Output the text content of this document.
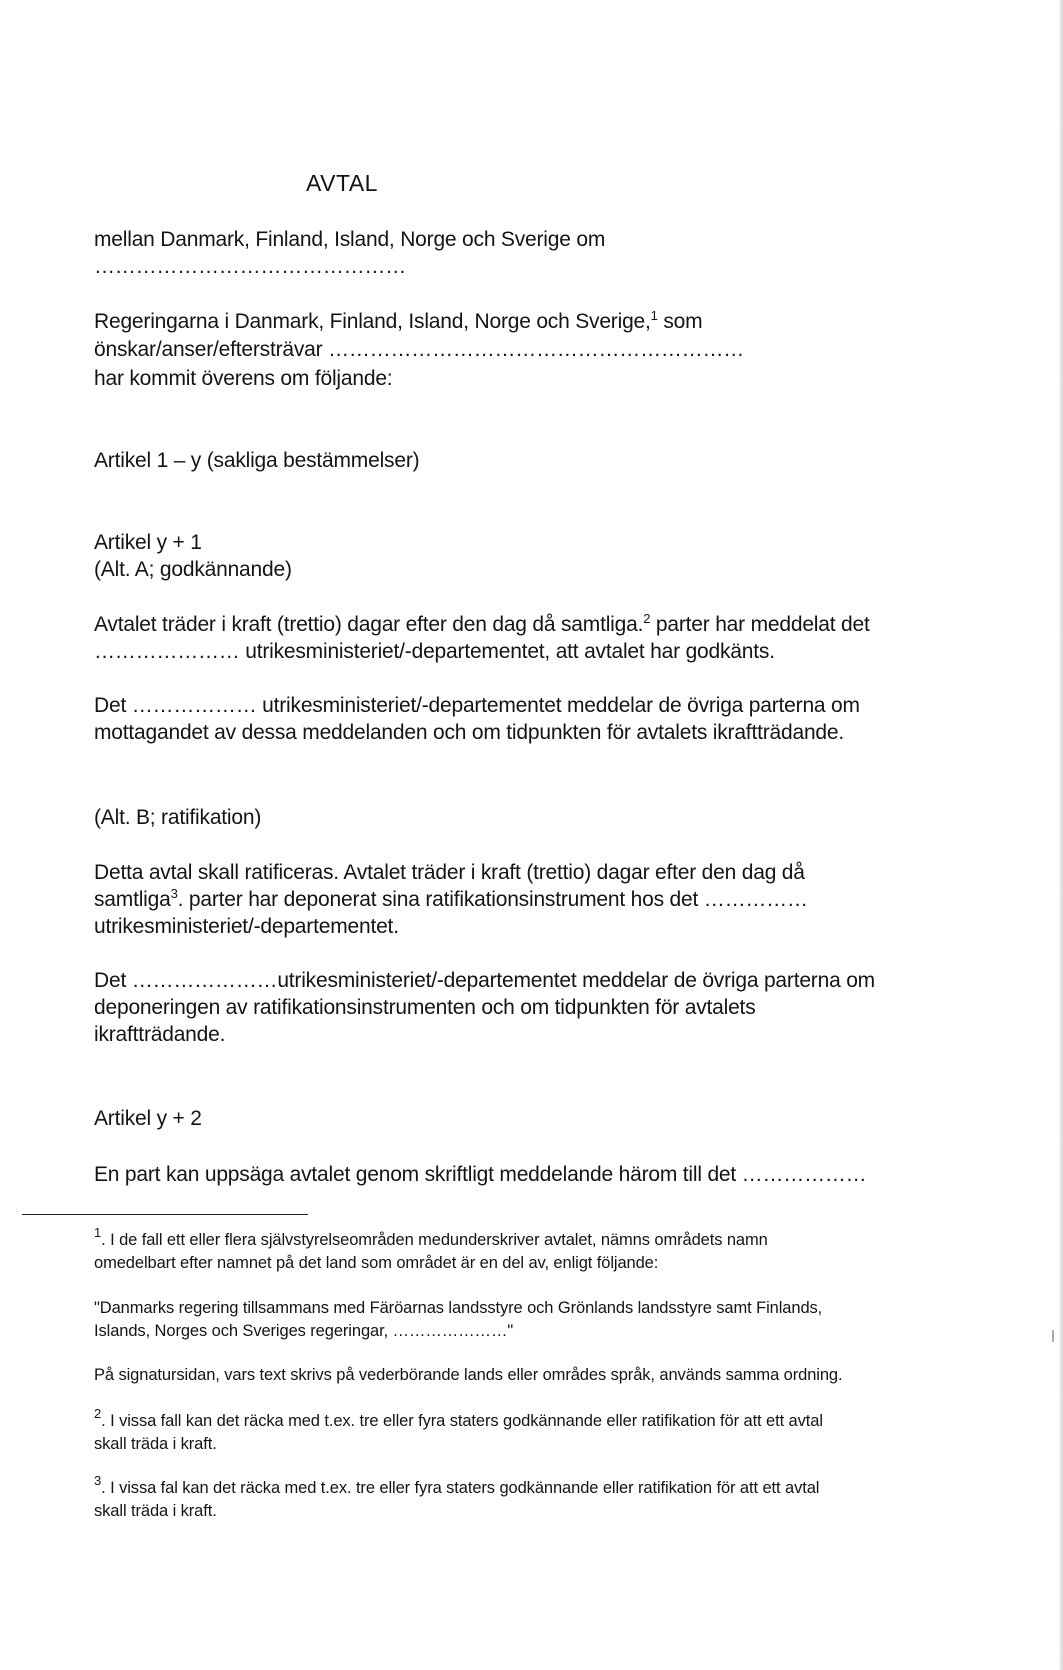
AVTAL
mellan Danmark, Finland, Island, Norge och Sverige om
………………………………………
Regeringarna i Danmark, Finland, Island, Norge och Sverige,$^1$ som
önskar/anser/eftersträvar ……………………………………………………
har kommit överens om följande:
Artikel 1 – y (sakliga bestämmelser)
Artikel y + 1
(Alt. A; godkännande)
Avtalet träder i kraft (trettio) dagar efter den dag då samtliga.$^2$ parter har meddelat det
………………… utrikesministeriet/-departementet, att avtalet har godkänts.
Det ……………… utrikesministeriet/-departementet meddelar de övriga parterna om
mottagandet av dessa meddelanden och om tidpunkten för avtalets ikraftträdande.
(Alt. B; ratifikation)
Detta avtal skall ratificeras. Avtalet träder i kraft (trettio) dagar efter den dag då
samtliga$^3$. parter har deponerat sina ratifikationsinstrument hos det ……………
utrikesministeriet/-departementet.
Det …………………utrikesministeriet/-departementet meddelar de övriga parterna om
deponeringen av ratifikationsinstrumenten och om tidpunkten för avtalets
ikraftträdande.
Artikel y + 2
En part kan uppsäga avtalet genom skriftligt meddelande härom till det ………………
$^1$. I de fall ett eller flera självstyrelseområden medunderskriver avtalet, nämns områdets namn
omedelbart efter namnet på det land som området är en del av, enligt följande:
"Danmarks regering tillsammans med Färöarnas landsstyre och Grönlands landsstyre samt Finlands,
Islands, Norges och Sveriges regeringar, …………………"
På signatursidan, vars text skrivs på vederbörande lands eller områdes språk, används samma ordning.
$^2$. I vissa fall kan det räcka med t.ex. tre eller fyra staters godkännande eller ratifikation för att ett avtal
skall träda i kraft.
$^3$. I vissa fal kan det räcka med t.ex. tre eller fyra staters godkännande eller ratifikation för att ett avtal
skall träda i kraft.
